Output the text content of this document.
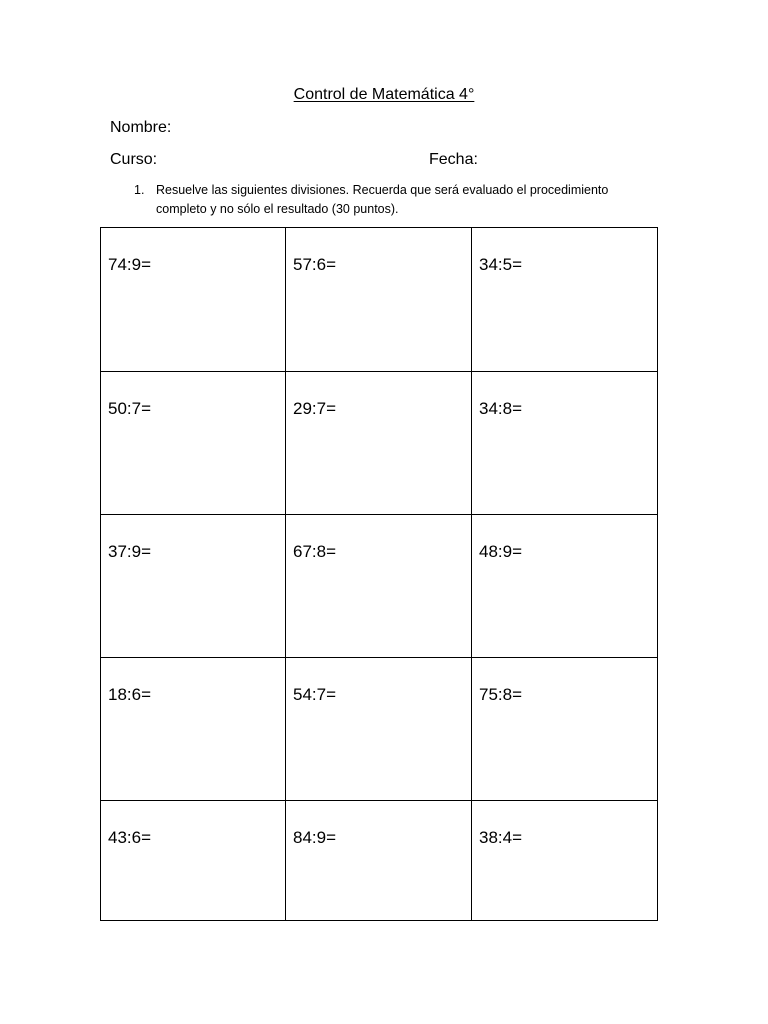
Control de Matemática 4°
Nombre:
Curso:	Fecha:
1. Resuelve las siguientes divisiones. Recuerda que será evaluado el procedimiento completo y no sólo el resultado (30 puntos).
74:9=	57:6=	34:5=
50:7=	29:7=	34:8=
37:9=	67:8=	48:9=
18:6=	54:7=	75:8=
43:6=	84:9=	38:4=
